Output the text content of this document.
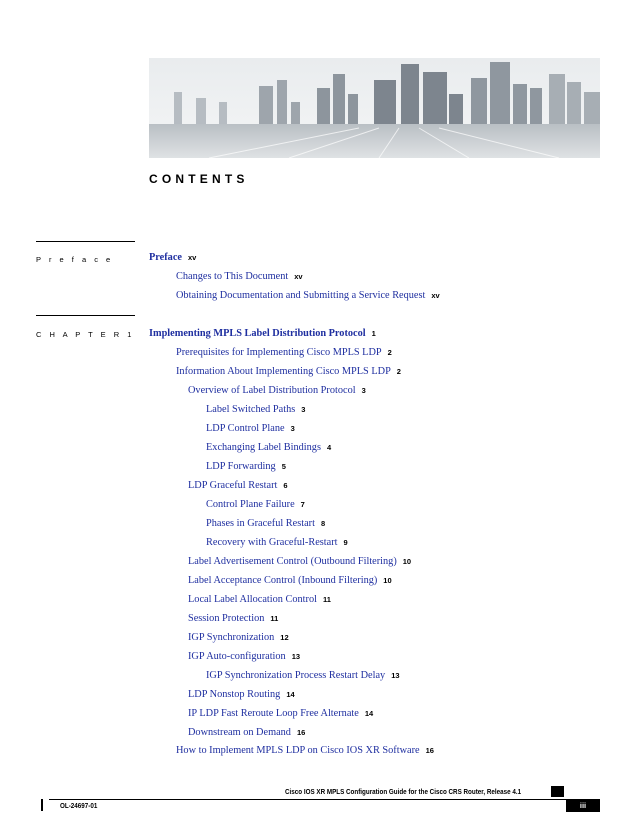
CONTENTS
P r e f a c e	Preface xv
Changes to This Document xv
Obtaining Documentation and Submitting a Service Request xv
C H A P T E R 1 Implementing MPLS Label Distribution Protocol 1
Prerequisites for Implementing Cisco MPLS LDP 2
Information About Implementing Cisco MPLS LDP 2
Overview of Label Distribution Protocol 3
Label Switched Paths 3
LDP Control Plane 3
Exchanging Label Bindings 4
LDP Forwarding 5
LDP Graceful Restart 6
Control Plane Failure 7
Phases in Graceful Restart 8
Recovery with Graceful-Restart 9
Label Advertisement Control (Outbound Filtering) 10
Label Acceptance Control (Inbound Filtering) 10
Local Label Allocation Control 11
Session Protection 11
IGP Synchronization 12
IGP Auto-configuration 13
IGP Synchronization Process Restart Delay 13
LDP Nonstop Routing 14
IP LDP Fast Reroute Loop Free Alternate 14
Downstream on Demand 16
How to Implement MPLS LDP on Cisco IOS XR Software 16
Cisco IOS XR MPLS Configuration Guide for the Cisco CRS Router, Release 4.1
OL-24697-01	iii
